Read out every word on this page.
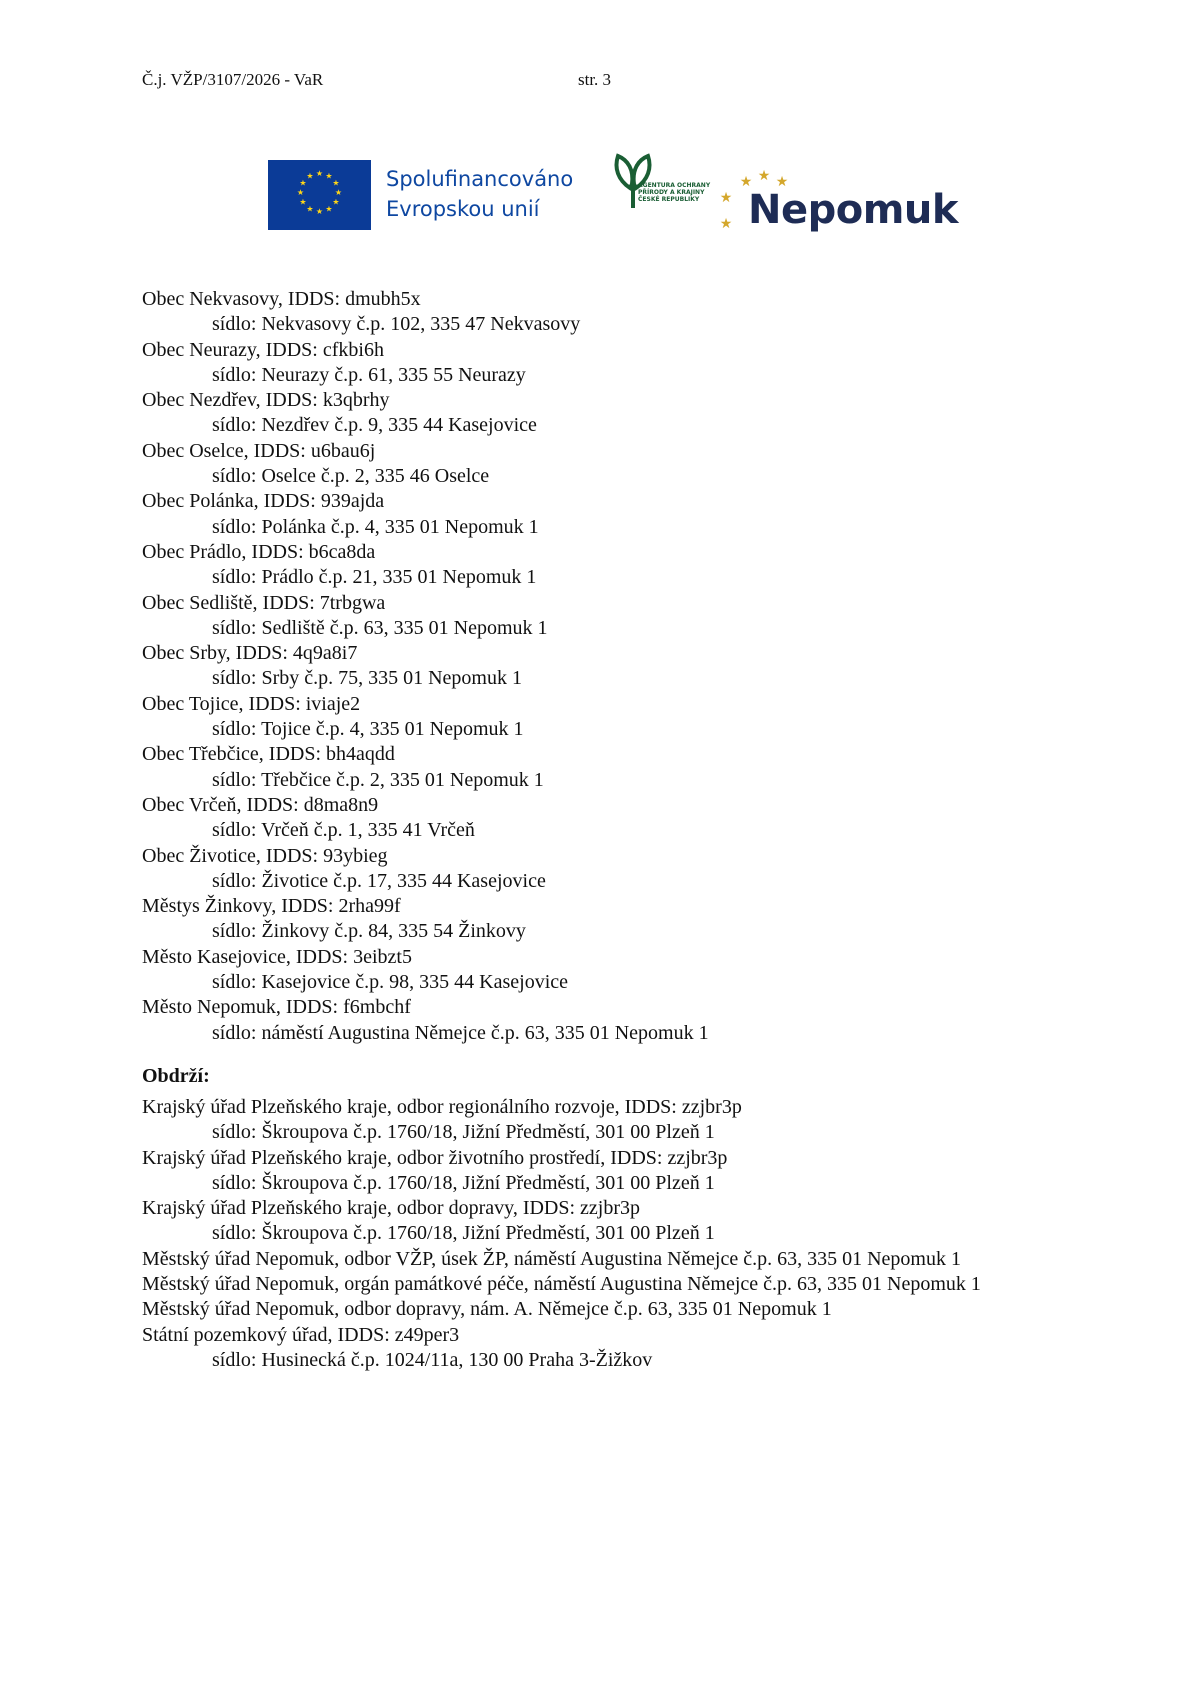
Č.j. VŽP/3107/2026 - VaR	str. 3
★ ★
★
★
★
★
★
★
★
★
★
★	Spolufinancováno
Evropskou unií
AGENTURA OCHRANY
PŘÍRODY A KRAJINY
ČESKÉ REPUBLIKY
★ ★ ★
★
★ Nepomuk
Obec Nekvasovy, IDDS: dmubh5x
sídlo: Nekvasovy č.p. 102, 335 47 Nekvasovy
Obec Neurazy, IDDS: cfkbi6h
sídlo: Neurazy č.p. 61, 335 55 Neurazy
Obec Nezdřev, IDDS: k3qbrhy
sídlo: Nezdřev č.p. 9, 335 44 Kasejovice
Obec Oselce, IDDS: u6bau6j
sídlo: Oselce č.p. 2, 335 46 Oselce
Obec Polánka, IDDS: 939ajda
sídlo: Polánka č.p. 4, 335 01 Nepomuk 1
Obec Prádlo, IDDS: b6ca8da
sídlo: Prádlo č.p. 21, 335 01 Nepomuk 1
Obec Sedliště, IDDS: 7trbgwa
sídlo: Sedliště č.p. 63, 335 01 Nepomuk 1
Obec Srby, IDDS: 4q9a8i7
sídlo: Srby č.p. 75, 335 01 Nepomuk 1
Obec Tojice, IDDS: iviaje2
sídlo: Tojice č.p. 4, 335 01 Nepomuk 1
Obec Třebčice, IDDS: bh4aqdd
sídlo: Třebčice č.p. 2, 335 01 Nepomuk 1
Obec Vrčeň, IDDS: d8ma8n9
sídlo: Vrčeň č.p. 1, 335 41 Vrčeň
Obec Životice, IDDS: 93ybieg
sídlo: Životice č.p. 17, 335 44 Kasejovice
Městys Žinkovy, IDDS: 2rha99f
sídlo: Žinkovy č.p. 84, 335 54 Žinkovy
Město Kasejovice, IDDS: 3eibzt5
sídlo: Kasejovice č.p. 98, 335 44 Kasejovice
Město Nepomuk, IDDS: f6mbchf
sídlo: náměstí Augustina Němejce č.p. 63, 335 01 Nepomuk 1
Obdrží:
Krajský úřad Plzeňského kraje, odbor regionálního rozvoje, IDDS: zzjbr3p
sídlo: Škroupova č.p. 1760/18, Jižní Předměstí, 301 00 Plzeň 1
Krajský úřad Plzeňského kraje, odbor životního prostředí, IDDS: zzjbr3p
sídlo: Škroupova č.p. 1760/18, Jižní Předměstí, 301 00 Plzeň 1
Krajský úřad Plzeňského kraje, odbor dopravy, IDDS: zzjbr3p
sídlo: Škroupova č.p. 1760/18, Jižní Předměstí, 301 00 Plzeň 1
Městský úřad Nepomuk, odbor VŽP, úsek ŽP, náměstí Augustina Němejce č.p. 63, 335 01 Nepomuk 1
Městský úřad Nepomuk, orgán památkové péče, náměstí Augustina Němejce č.p. 63, 335 01 Nepomuk 1
Městský úřad Nepomuk, odbor dopravy, nám. A. Němejce č.p. 63, 335 01 Nepomuk 1
Státní pozemkový úřad, IDDS: z49per3
sídlo: Husinecká č.p. 1024/11a, 130 00 Praha 3-Žižkov
